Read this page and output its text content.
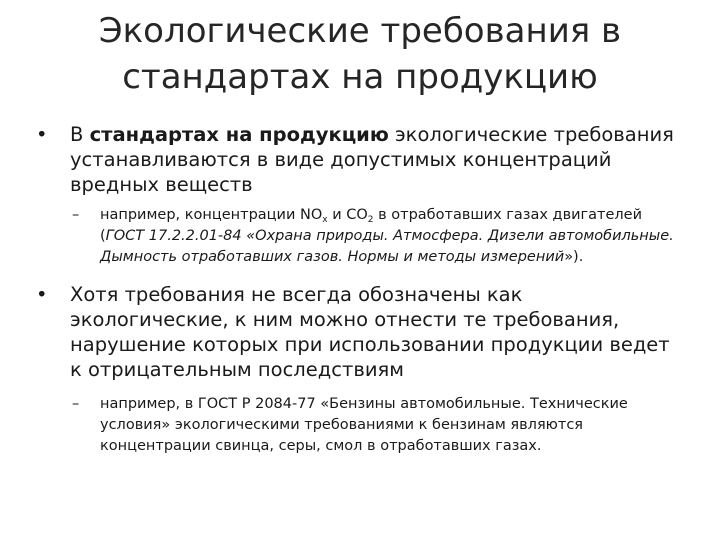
Экологические требования в
стандартах на продукцию
•	В стандартах на продукцию экологические требования устанавливаются в виде допустимых концентраций вредных веществ
– например, концентрации $NO_x$ и $CO_2$ в отработавших газах двигателей (ГОСТ 17.2.2.01-84 «Охрана природы. Атмосфера. Дизели автомобильные. Дымность отработавших газов. Нормы и методы измерений»).
•	Хотя требования не всегда обозначены как экологические, к ним можно отнести те требования, нарушение которых при использовании продукции ведет к отрицательным последствиям
– например, в ГОСТ Р 2084-77 «Бензины автомобильные. Технические условия» экологическими требованиями к бензинам являются концентрации свинца, серы, смол в отработавших газах.
